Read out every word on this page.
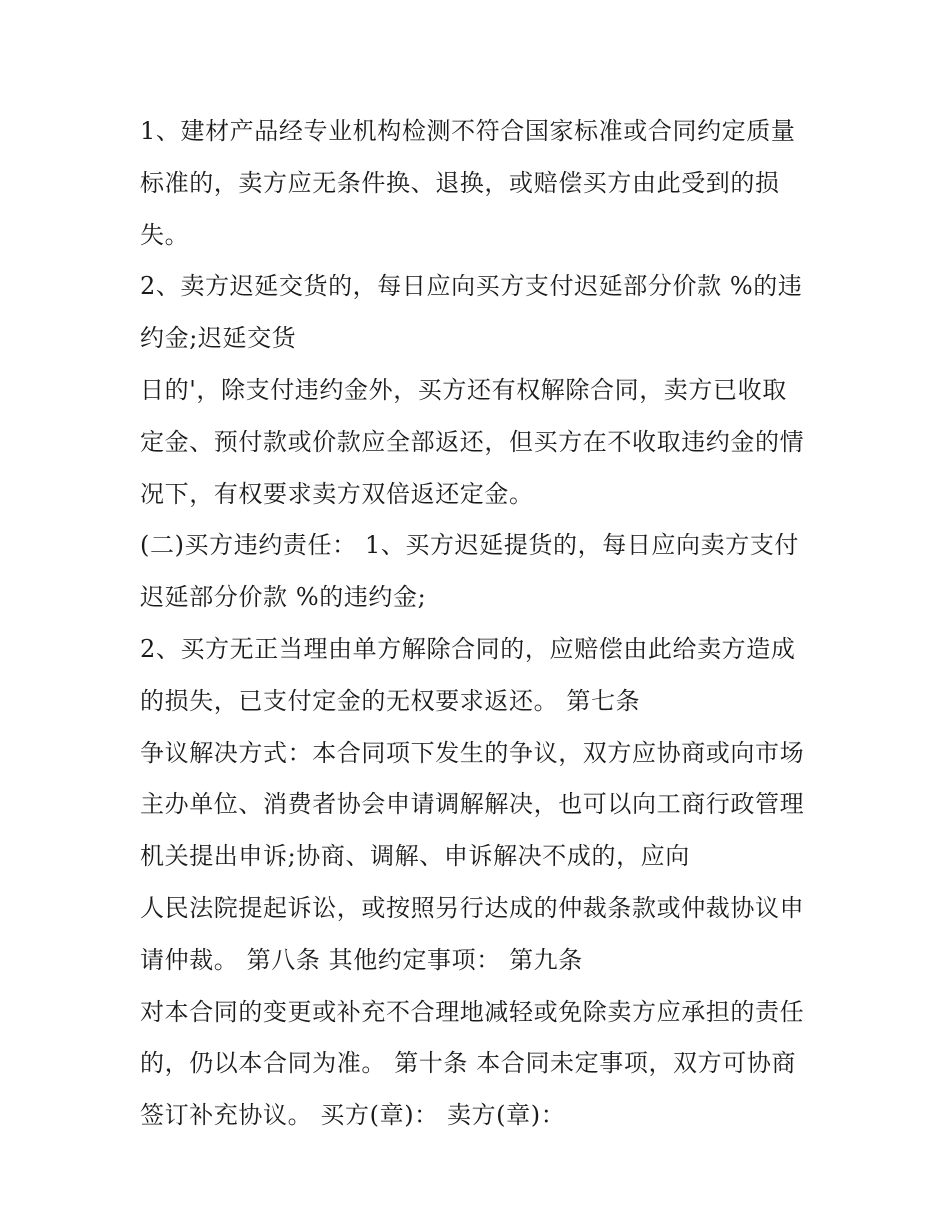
1、建材产品经专业机构检测不符合国家标准或合同约定质量
标准的，卖方应无条件换、退换，或赔偿买方由此受到的损
失。
2、卖方迟延交货的，每日应向买方支付迟延部分价款 %的违
约金;迟延交货
日的'，除支付违约金外，买方还有权解除合同，卖方已收取
定金、预付款或价款应全部返还，但买方在不收取违约金的情
况下，有权要求卖方双倍返还定金。
(二)买方违约责任： 1、买方迟延提货的，每日应向卖方支付
迟延部分价款 %的违约金;
2、买方无正当理由单方解除合同的，应赔偿由此给卖方造成
的损失，已支付定金的无权要求返还。 第七条
争议解决方式：本合同项下发生的争议，双方应协商或向市场
主办单位、消费者协会申请调解解决，也可以向工商行政管理
机关提出申诉;协商、调解、申诉解决不成的，应向
人民法院提起诉讼，或按照另行达成的仲裁条款或仲裁协议申
请仲裁。 第八条 其他约定事项： 第九条
对本合同的变更或补充不合理地减轻或免除卖方应承担的责任
的，仍以本合同为准。 第十条 本合同未定事项，双方可协商
签订补充协议。 买方(章)： 卖方(章)：
